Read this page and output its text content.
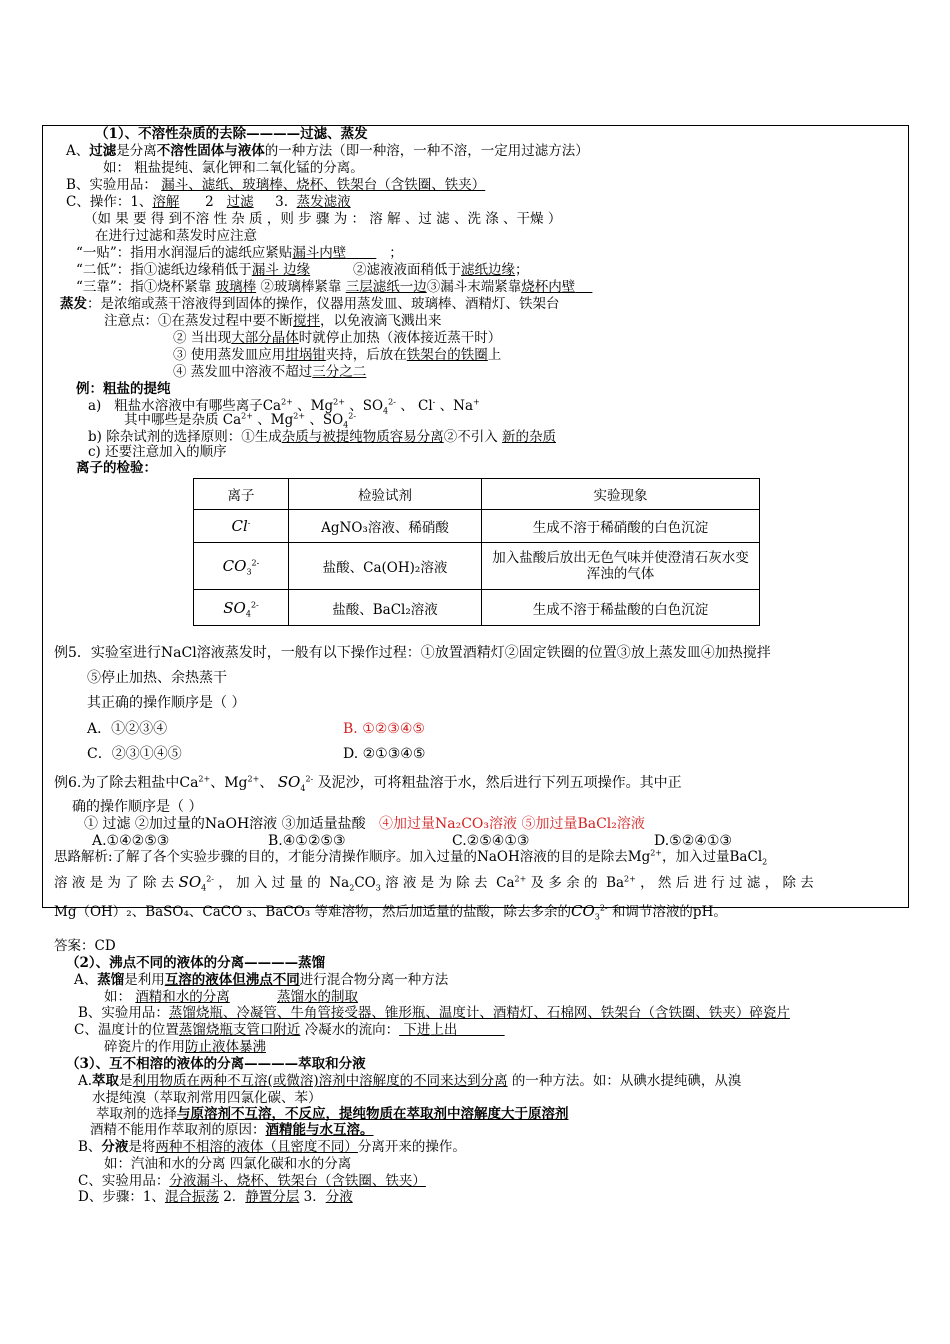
（1）、不溶性杂质的去除————过滤、蒸发
A、过滤是分离不溶性固体与液体的一种方法（即一种溶，一种不溶，一定用过滤方法）
如： 粗盐提纯、氯化钾和二氧化锰的分离。
B、实验用品： 漏斗、滤纸、玻璃棒、烧杯、铁架台（含铁圈、铁夹）
C、操作：1、溶解 2   过滤 3. 蒸发滤液
（如 果 要 得 到不溶 性 杂 质 ，则 步 骤 为 ： 溶 解 、过 滤 、洗 涤 、干燥 ）
在进行过滤和蒸发时应注意
“一贴”：指用水润湿后的滤纸应紧贴漏斗内壁	；
“二低”：指①滤纸边缘稍低于漏斗 边缘	②滤液液面稍低于滤纸边缘；
“三靠”：指①烧杯紧靠 玻璃棒 ②玻璃棒紧靠 三层滤纸一边③漏斗末端紧靠烧杯内壁
蒸发：是浓缩或蒸干溶液得到固体的操作，仪器用蒸发皿、玻璃棒、酒精灯、铁架台
注意点：①在蒸发过程中要不断搅拌，以免液滴飞溅出来
② 当出现大部分晶体时就停止加热（液体接近蒸干时）
③ 使用蒸发皿应用坩埚钳夹持，后放在铁架台的铁圈上
④ 蒸发皿中溶液不超过三分之二
例：粗盐的提纯
a)   粗盐水溶液中有哪些离子$Ca^{2+}$ 、$Mg^{2+}$ 、$SO_4^{2-}$ 、 Cl- 、Na+
其中哪些是杂质 $Ca^{2+}$ 、$Mg^{2+}$ 、$SO_4^{2-}$
b) 除杂试剂的选择原则：①生成杂质与被提纯物质容易分离②不引入 新的杂质
c) 还要注意加入的顺序
离子的检验：
离子	检验试剂	实验现象
Cl-	AgNO₃溶液、稀硝酸	生成不溶于稀硝酸的白色沉淀
$CO_3^{2-}$	盐酸、Ca(OH)₂溶液	加入盐酸后放出无色气味并使澄清石灰水变浑浊的气体
$SO_4^{2-}$	盐酸、BaCl₂溶液	生成不溶于稀盐酸的白色沉淀
例5．实验室进行NaCl溶液蒸发时，一般有以下操作过程：①放置酒精灯②固定铁圈的位置③放上蒸发皿④加热搅拌
⑤停止加热、余热蒸干
其正确的操作顺序是（ ）
A．①②③④	B. ①②③④⑤
C．②③①④⑤	D. ②①③④⑤
例6.为了除去粗盐中$Ca^{2+}$、$Mg^{2+}$、 $SO_4^{2-}$ 及泥沙，可将粗盐溶于水，然后进行下列五项操作。其中正
确的操作顺序是（ ）
① 过滤 ②加过量的NaOH溶液 ③加适量盐酸 ④加过量Na₂CO₃溶液 ⑤加过量BaCl₂溶液
A.①④②⑤③	B.④①②⑤③	C.②⑤④①③	D.⑤②④①③
思路解析:了解了各个实验步骤的目的，才能分清操作顺序。加入过量的NaOH溶液的目的是除去$Mg^{2+}$，加入过量BaCl$_2$
溶 液 是 为 了 除 去 $SO_4^{2-}$ ， 加 入 过 量 的  $Na_2CO_3$ 溶 液 是 为 除 去  $Ca^{2+}$ 及 多 余 的  $Ba^{2+}$ ， 然 后 进 行 过 滤 ， 除 去
Mg（OH）₂、BaSO₄、CaCO ₃、BaCO₃ 等难溶物，然后加适量的盐酸，除去多余的$CO_3^{2-}$ 和调节溶液的pH。
答案：CD
（2）、沸点不同的液体的分离————蒸馏
A、蒸馏是利用互溶的液体但沸点不同进行混合物分离一种方法
如： 酒精和水的分离	蒸馏水的制取
B、实验用品：蒸馏烧瓶、冷凝管、牛角管接受器、锥形瓶、温度计、酒精灯、石棉网、铁架台（含铁圈、铁夹）碎瓷片
C、温度计的位置蒸馏烧瓶支管口附近 冷凝水的流向： 下进上出
碎瓷片的作用防止液体暴沸
（3）、互不相溶的液体的分离————萃取和分液
A.萃取是利用物质在两种不互溶(或微溶)溶剂中溶解度的不同来达到分离 的一种方法。如：从碘水提纯碘，从溴
水提纯溴（萃取剂常用四氯化碳、苯）
萃取剂的选择与原溶剂不互溶，不反应，提纯物质在萃取剂中溶解度大于原溶剂
酒精不能用作萃取剂的原因：酒精能与水互溶。
B、分液是将两种不相溶的液体（且密度不同）分离开来的操作。
如：汽油和水的分离 四氯化碳和水的分离
C、实验用品：分液漏斗、烧杯、铁架台（含铁圈、铁夹）
D、步骤：1、混合振荡 2．静置分层 3．分液
